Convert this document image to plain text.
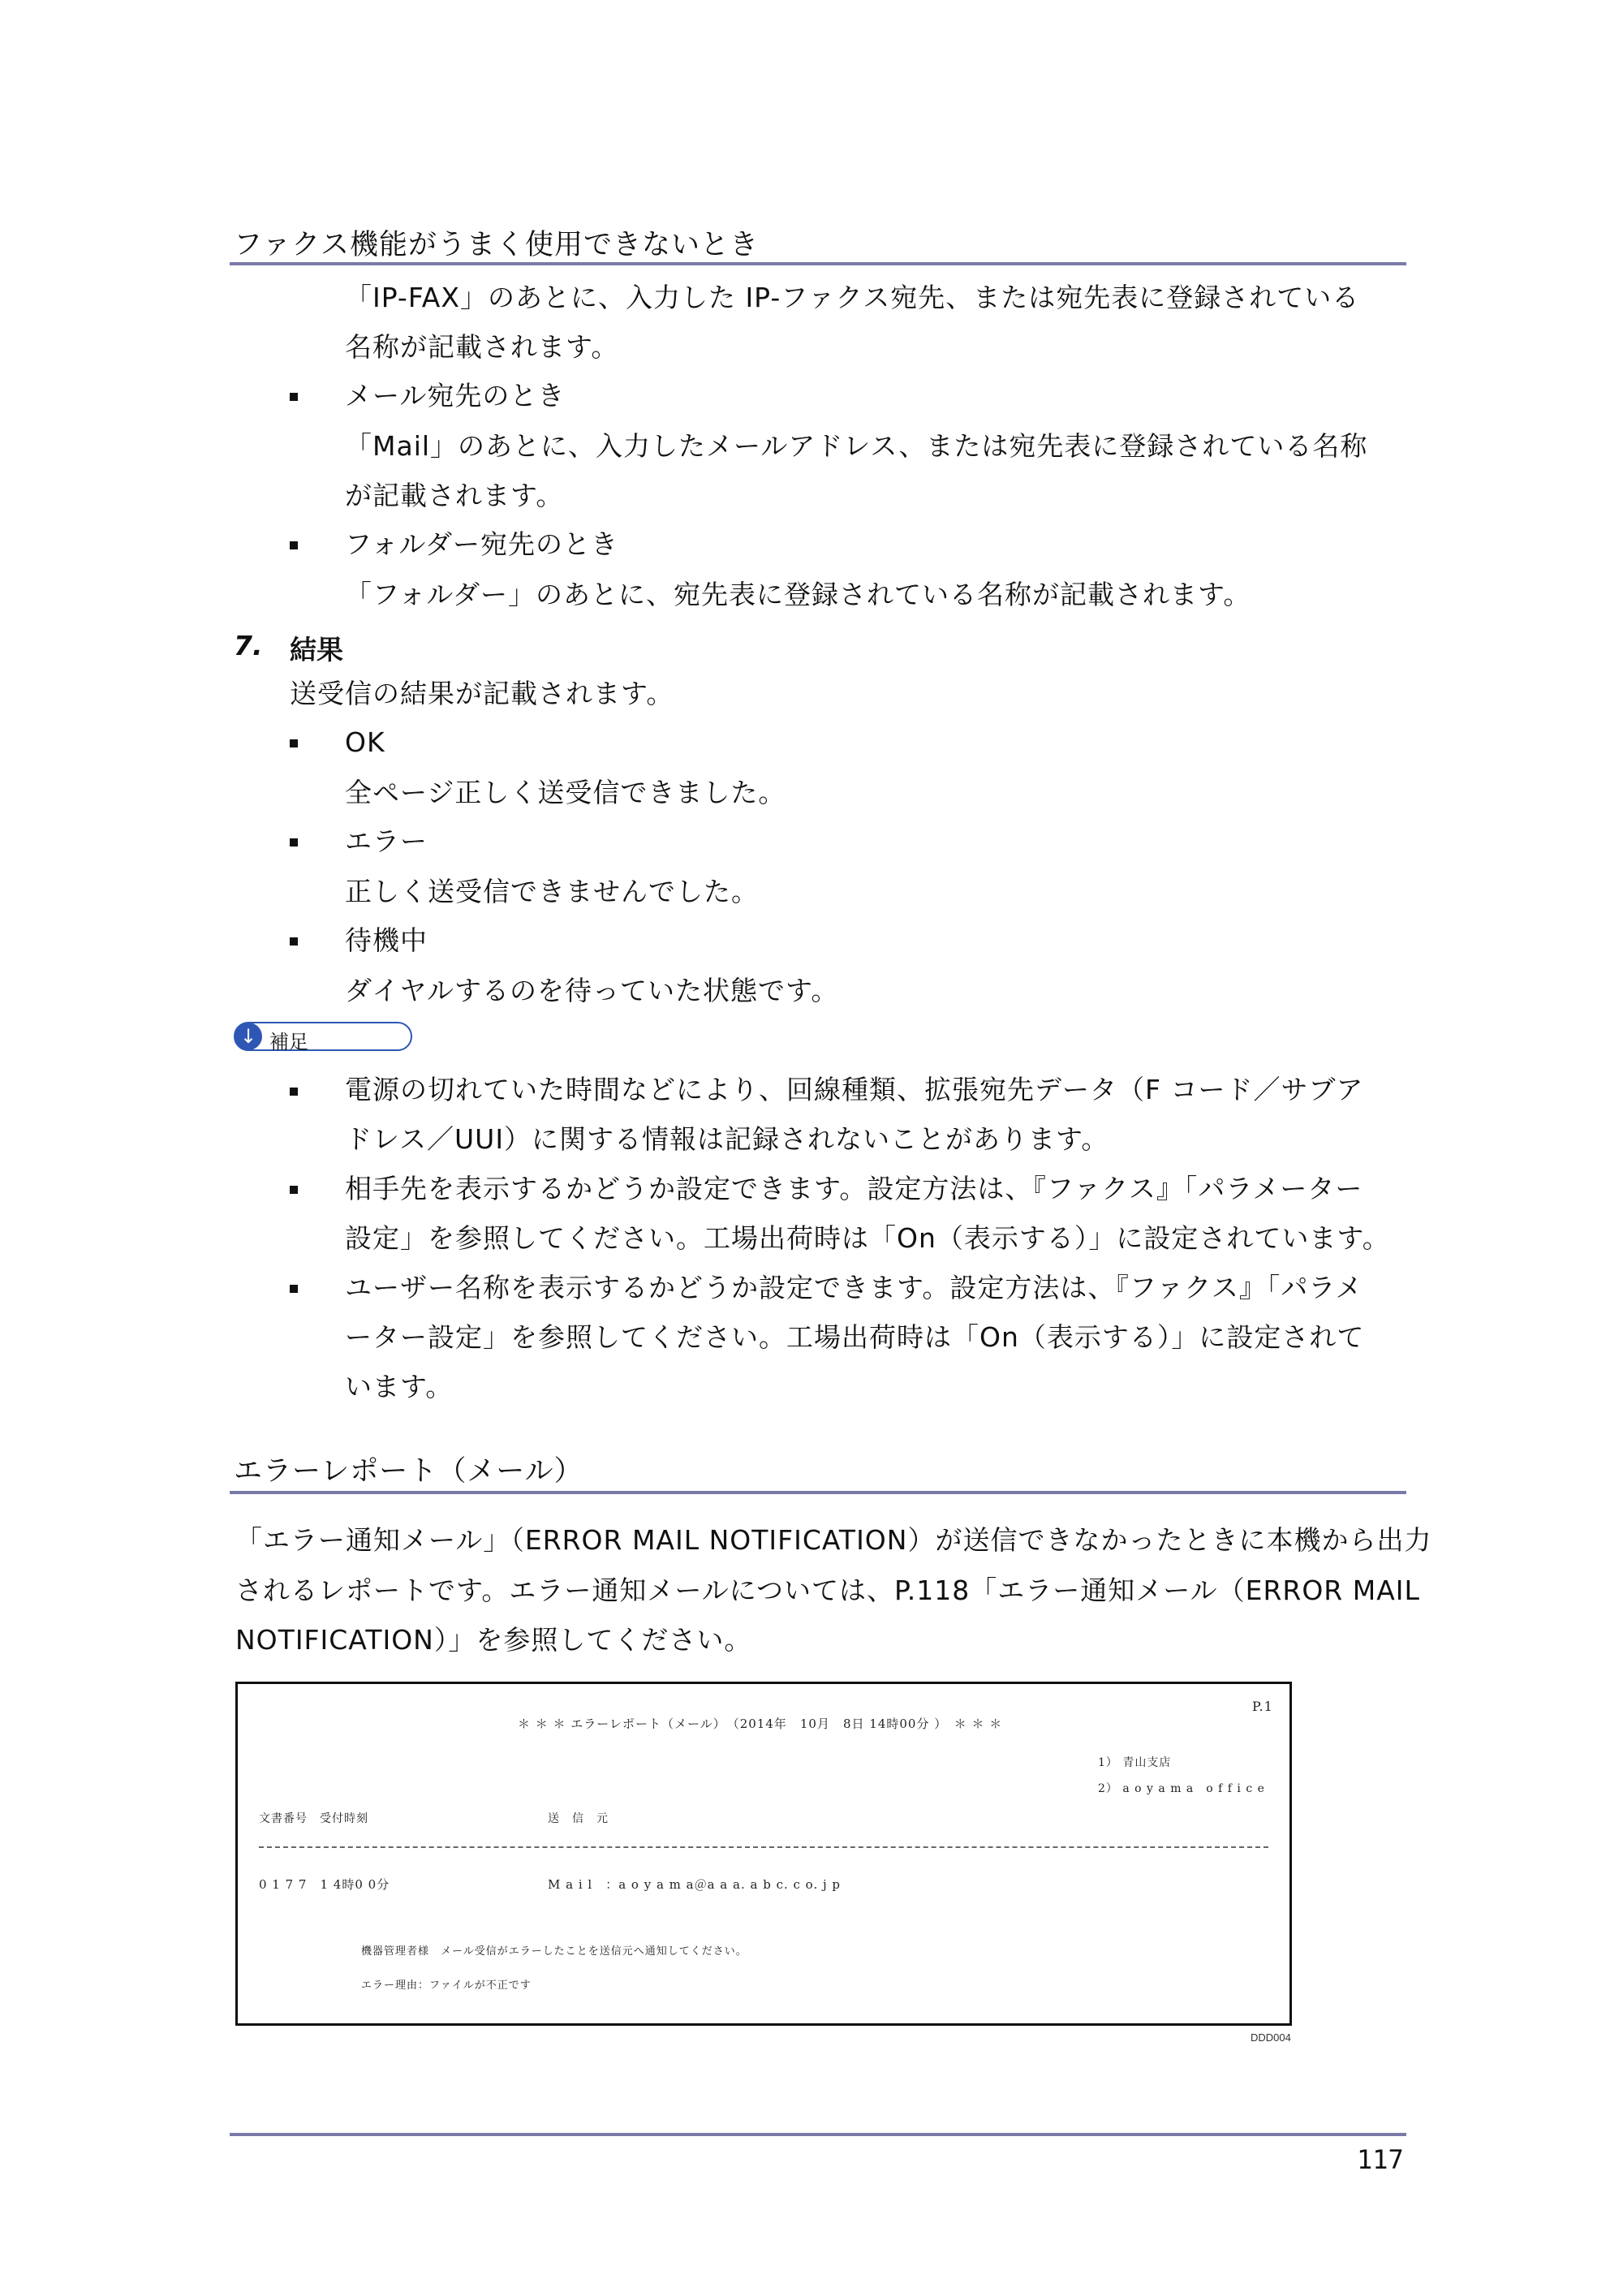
ファクス機能がうまく使用できないとき
「IP-FAX」のあとに、入力した IP-ファクス宛先、または宛先表に登録されている
名称が記載されます。
メール宛先のとき
「Mail」のあとに、入力したメールアドレス、または宛先表に登録されている名称
が記載されます。
フォルダー宛先のとき
「フォルダー」のあとに、宛先表に登録されている名称が記載されます。
7. 結果
送受信の結果が記載されます。
OK
全ページ正しく送受信できました。
エラー
正しく送受信できませんでした。
待機中
ダイヤルするのを待っていた状態です。
↓ 補足
電源の切れていた時間などにより、回線種類、拡張宛先データ（F コード／サブア
ドレス／UUI）に関する情報は記録されないことがあります。
相手先を表示するかどうか設定できます。設定方法は、『ファクス』「パラメーター
設定」を参照してください。工場出荷時は「On（表示する）」に設定されています。
ユーザー名称を表示するかどうか設定できます。設定方法は、『ファクス』「パラメ
ーター設定」を参照してください。工場出荷時は「On（表示する）」に設定されて
います。
エラーレポート（メール）
「エラー通知メール」（ERROR MAIL NOTIFICATION）が送信できなかったときに本機から出力
されるレポートです。エラー通知メールについては、P.118「エラー通知メール（ERROR MAIL
NOTIFICATION）」を参照してください。
P.1
＊ ＊ ＊ エラーレポート（メール）　（2014年　10月　8日 14時00分 ）　＊ ＊ ＊
1） 青山支店
2） a o y a m a　o f f i c e
文書番号　受付時刻	送　信　元
0 1 7 7　1 4時0 0分	M a i l　：a o y a m a＠a a a. a b c. c o. j p
機器管理者様　メール受信がエラーしたことを送信元へ通知してください。
エラー理由：ファイルが不正です
DDD004
117
